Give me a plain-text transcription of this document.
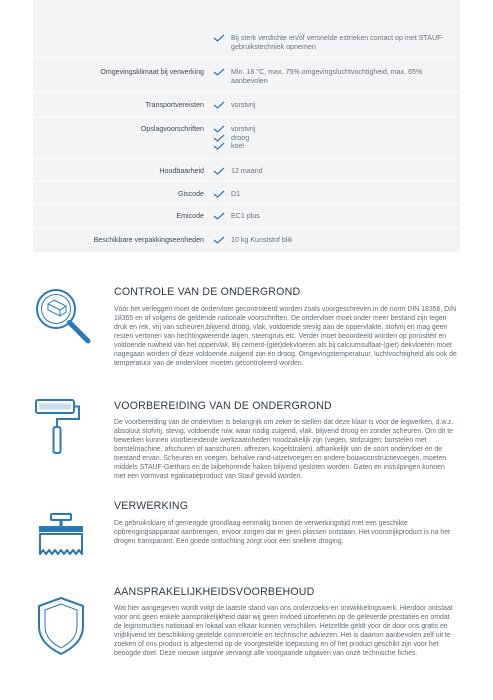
Bij sterk verdichte en/of versnelde estrieken contact op met STAUF-gebruikstechniek opnemen
Omgevingsklimaat bij verwerking	Min. 18 °C, max. 75% omgevingsluchtvochtigheid, max. 65% aanbevolen
Transportvereisten	vorstvrij
Opslagvoorschriften	vorstvrij
droog
koel
Houdbaarheid	12 maand
Giscode	D1
Emicode	EC1 plus
Beschikbare verpakkingseenheden	10 kg Kunststof blik
CONTROLE VAN DE ONDERGROND
Vóór het verleggen moet de ondervloer gecontroleerd worden zoals voorgeschreven in de norm DIN 18356, DIN 18365 en of volgens de geldende nationale voorschriften. De ondervloer moet onder meer bestand zijn tegen druk en rek, vrij van scheuren,blijvend droog, vlak, voldoende stevig aan de oppervlakte, stofvrij en mag geen resten vertonen van hechtingwerende lagen, steengruis etc. Verder moet beoordeeld worden op porositeit en voldoende ruwheid van het oppervlak. Bij cement-(giet)dekvloeren als bij calciumsulfaat-(giet) dekvloeren moet nagegaan worden of deze voldoende zuigend zijn en droog. Omgevingstemperatuur, luchtvochtigheid als ook de temperatuur van de ondervloer moeten gecontroleerd worden.
VOORBEREIDING VAN DE ONDERGROND
De voorbereiding van de ondervloer is belangrijk om zeker te stellen dat deze klaar is voor de legwerken, d.w.z. absoluut stofvrij, stevig, voldoende ruw, waar nodig zuigend, vlak, blijvend droog en zonder scheuren. Om dit te bewerken kunnen voorbereidende werkzaamheden noodzakelijk zijn (vegen, stofzuigen; borstelen met borstelmachine, afschuren of aanschuren, affrezen, kogelstralen), afhankelijk van de soort ondervloer en de toestand ervan. Scheuren en voegen, behalve rand-uitzetvoegen en andere bouwconstructievoegen, moeten middels STAUF-Giethars en de bijbehorende haken blijvend gesloten worden. Gaten en instulpingen kunnen met een vormvast egalisatieproduct van Stauf gevuld worden.
VERWERKING
De gebruiksklare of gemengde grondlaag eenmalig binnen de verwerkingstijd met een geschikte opbrengingsapparaat aanbrengen, ervoor zorgen dat er geen plassen ontstaan. Het voorstrijkproduct is na het drogen transparant. Een goede ontluchting zorgt voor een snellere droging.
AANSPRAKELIJKHEIDSVOORBEHOUD
Wat hier aangegeven wordt volgt de laatste stand van ons onderzoeks-en ontwikkelingswerk. Hierdoor ontstaat voor ons geen enkele aansprakelijkheid daar wij geen invloed uitoefenen op de geleverde prestaties en omdat de leginstructies nationaal en lokaal van elkaar kunnen verschillen. Hetzelfde geldt voor de door ons gratis en vrijblijvend ter beschikking gestelde commerciële en technische adviezen. Het is daarom aanbevolen zelf uit te zoeken of ons product is afgestemd op de voorgestelde toepassing en of het product geschikt zijn voor het beoogde doel. Deze nieuwe uitgave vervangt alle voorgaande uitgaven van onze technische fiches.
